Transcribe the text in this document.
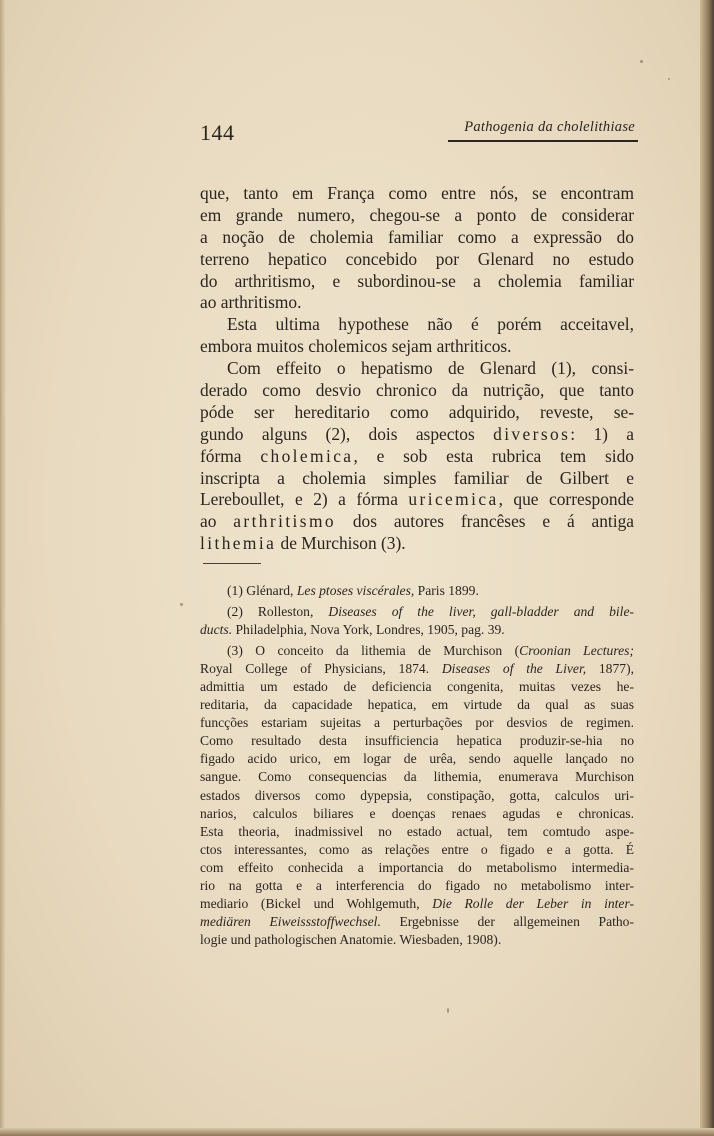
144	Pathogenia da cholelithiase
que, tanto em França como entre nós, se encontram
em grande numero, chegou-se a ponto de considerar
a noção de cholemia familiar como a expressão do
terreno hepatico concebido por Glenard no estudo
do arthritismo, e subordinou-se a cholemia familiar
ao arthritismo.
Esta ultima hypothese não é porém acceitavel,
embora muitos cholemicos sejam arthriticos.
Com effeito o hepatismo de Glenard (1), consi-
derado como desvio chronico da nutrição, que tanto
póde ser hereditario como adquirido, reveste, se-
gundo alguns (2), dois aspectos diversos: 1) a
fórma cholemica, e sob esta rubrica tem sido
inscripta a cholemia simples familiar de Gilbert e
Lereboullet, e 2) a fórma uricemica, que corresponde
ao arthritismo dos autores francêses e á antiga
lithemia de Murchison (3).
(1) Glénard, Les ptoses viscérales, Paris 1899.
(2) Rolleston, Diseases of the liver, gall-bladder and bile-
ducts. Philadelphia, Nova York, Londres, 1905, pag. 39.
(3) O conceito da lithemia de Murchison (Croonian Lectures;
Royal College of Physicians, 1874. Diseases of the Liver, 1877),
admittia um estado de deficiencia congenita, muitas vezes he-
reditaria, da capacidade hepatica, em virtude da qual as suas
funcções estariam sujeitas a perturbações por desvios de regimen.
Como resultado desta insufficiencia hepatica produzir-se-hia no
figado acido urico, em logar de urêa, sendo aquelle lançado no
sangue. Como consequencias da lithemia, enumerava Murchison
estados diversos como dypepsia, constipação, gotta, calculos uri-
narios, calculos biliares e doenças renaes agudas e chronicas.
Esta theoria, inadmissivel no estado actual, tem comtudo aspe-
ctos interessantes, como as relações entre o figado e a gotta. É
com effeito conhecida a importancia do metabolismo intermedia-
rio na gotta e a interferencia do figado no metabolismo inter-
mediario (Bickel und Wohlgemuth, Die Rolle der Leber in inter-
mediären Eiweissstoffwechsel. Ergebnisse der allgemeinen Patho-
logie und pathologischen Anatomie. Wiesbaden, 1908).
